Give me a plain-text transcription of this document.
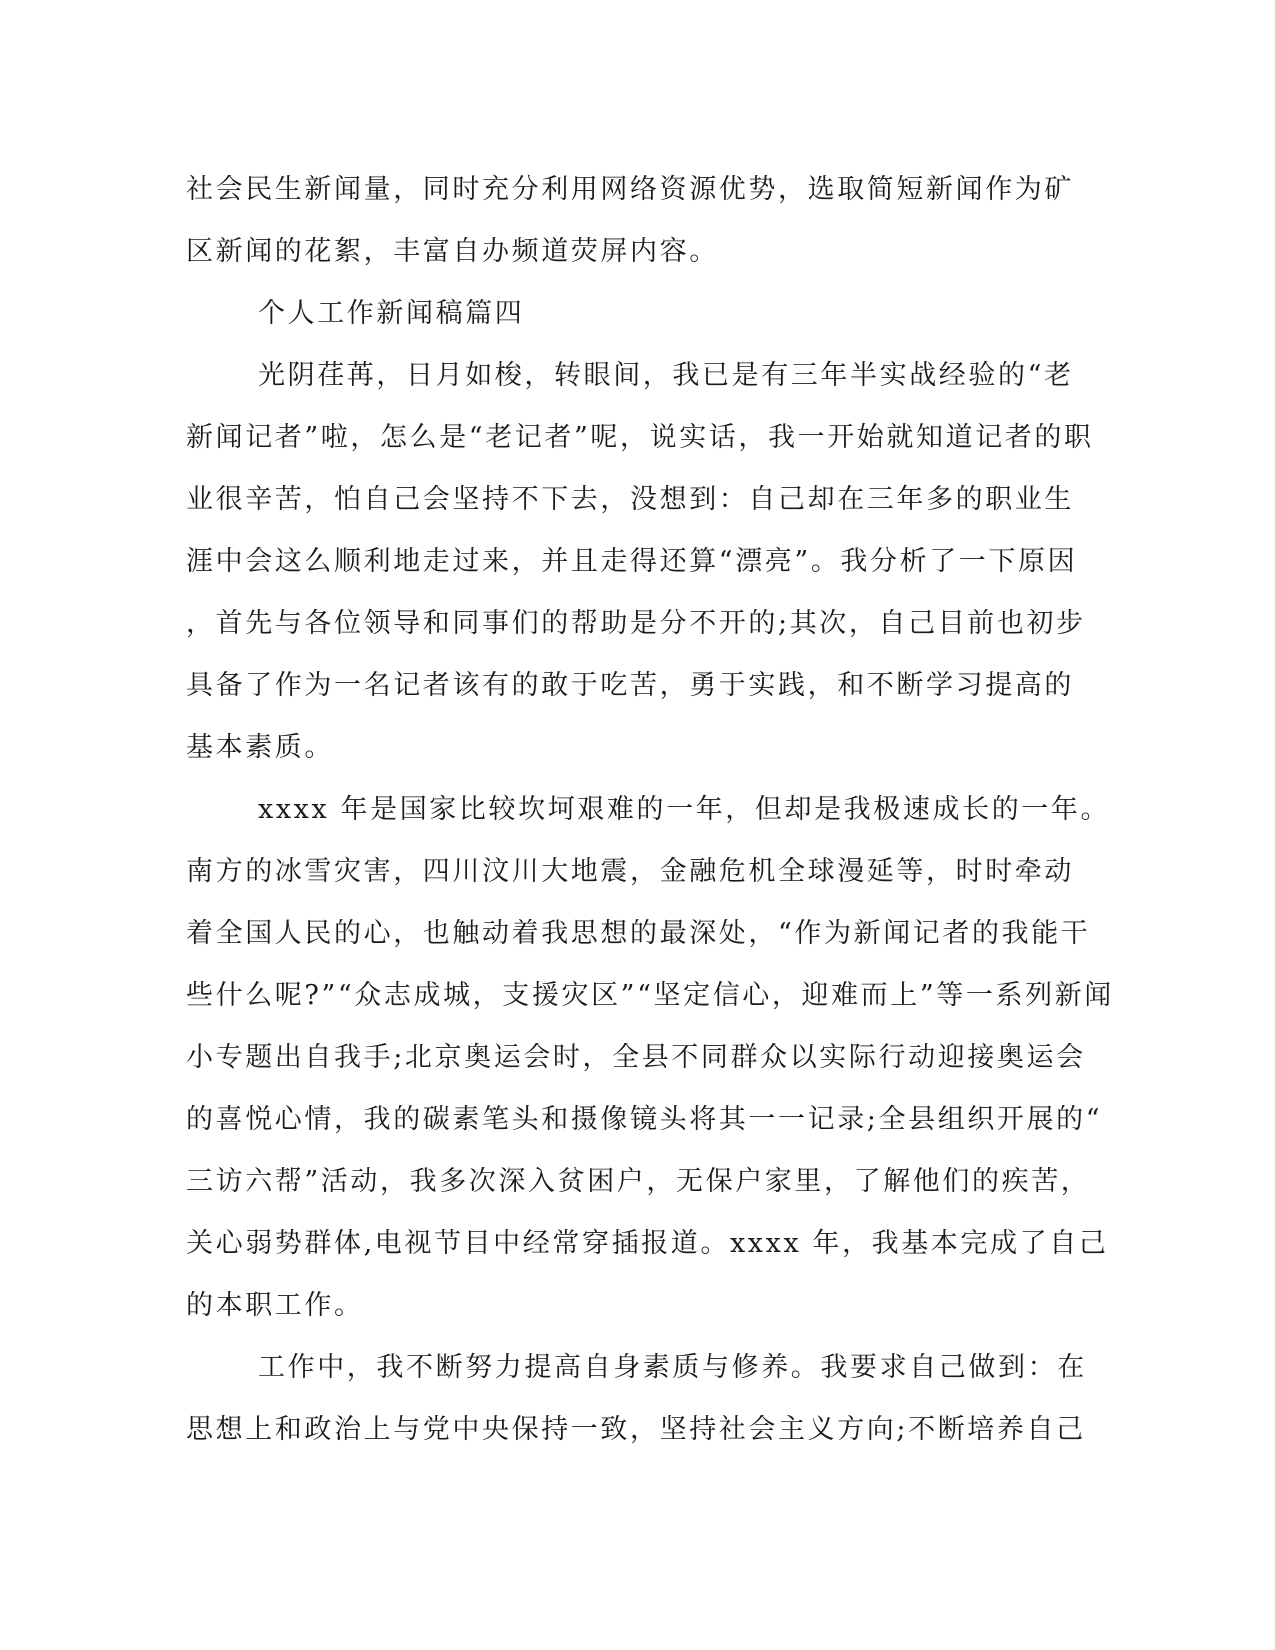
社会民生新闻量，同时充分利用网络资源优势，选取简短新闻作为矿
区新闻的花絮，丰富自办频道荧屏内容。
个人工作新闻稿篇四
光阴荏苒，日月如梭，转眼间，我已是有三年半实战经验的“老
新闻记者”啦，怎么是“老记者”呢，说实话，我一开始就知道记者的职
业很辛苦，怕自己会坚持不下去，没想到：自己却在三年多的职业生
涯中会这么顺利地走过来，并且走得还算“漂亮”。我分析了一下原因
，首先与各位领导和同事们的帮助是分不开的;其次，自己目前也初步
具备了作为一名记者该有的敢于吃苦，勇于实践，和不断学习提高的
基本素质。
xxxx 年是国家比较坎坷艰难的一年，但却是我极速成长的一年。
南方的冰雪灾害，四川汶川大地震，金融危机全球漫延等，时时牵动
着全国人民的心，也触动着我思想的最深处，“作为新闻记者的我能干
些什么呢?”“众志成城，支援灾区”“坚定信心，迎难而上”等一系列新闻
小专题出自我手;北京奥运会时，全县不同群众以实际行动迎接奥运会
的喜悦心情，我的碳素笔头和摄像镜头将其一一记录;全县组织开展的“
三访六帮”活动，我多次深入贫困户，无保户家里，了解他们的疾苦，
关心弱势群体,电视节目中经常穿插报道。xxxx 年，我基本完成了自己
的本职工作。
工作中，我不断努力提高自身素质与修养。我要求自己做到：在
思想上和政治上与党中央保持一致，坚持社会主义方向;不断培养自己
